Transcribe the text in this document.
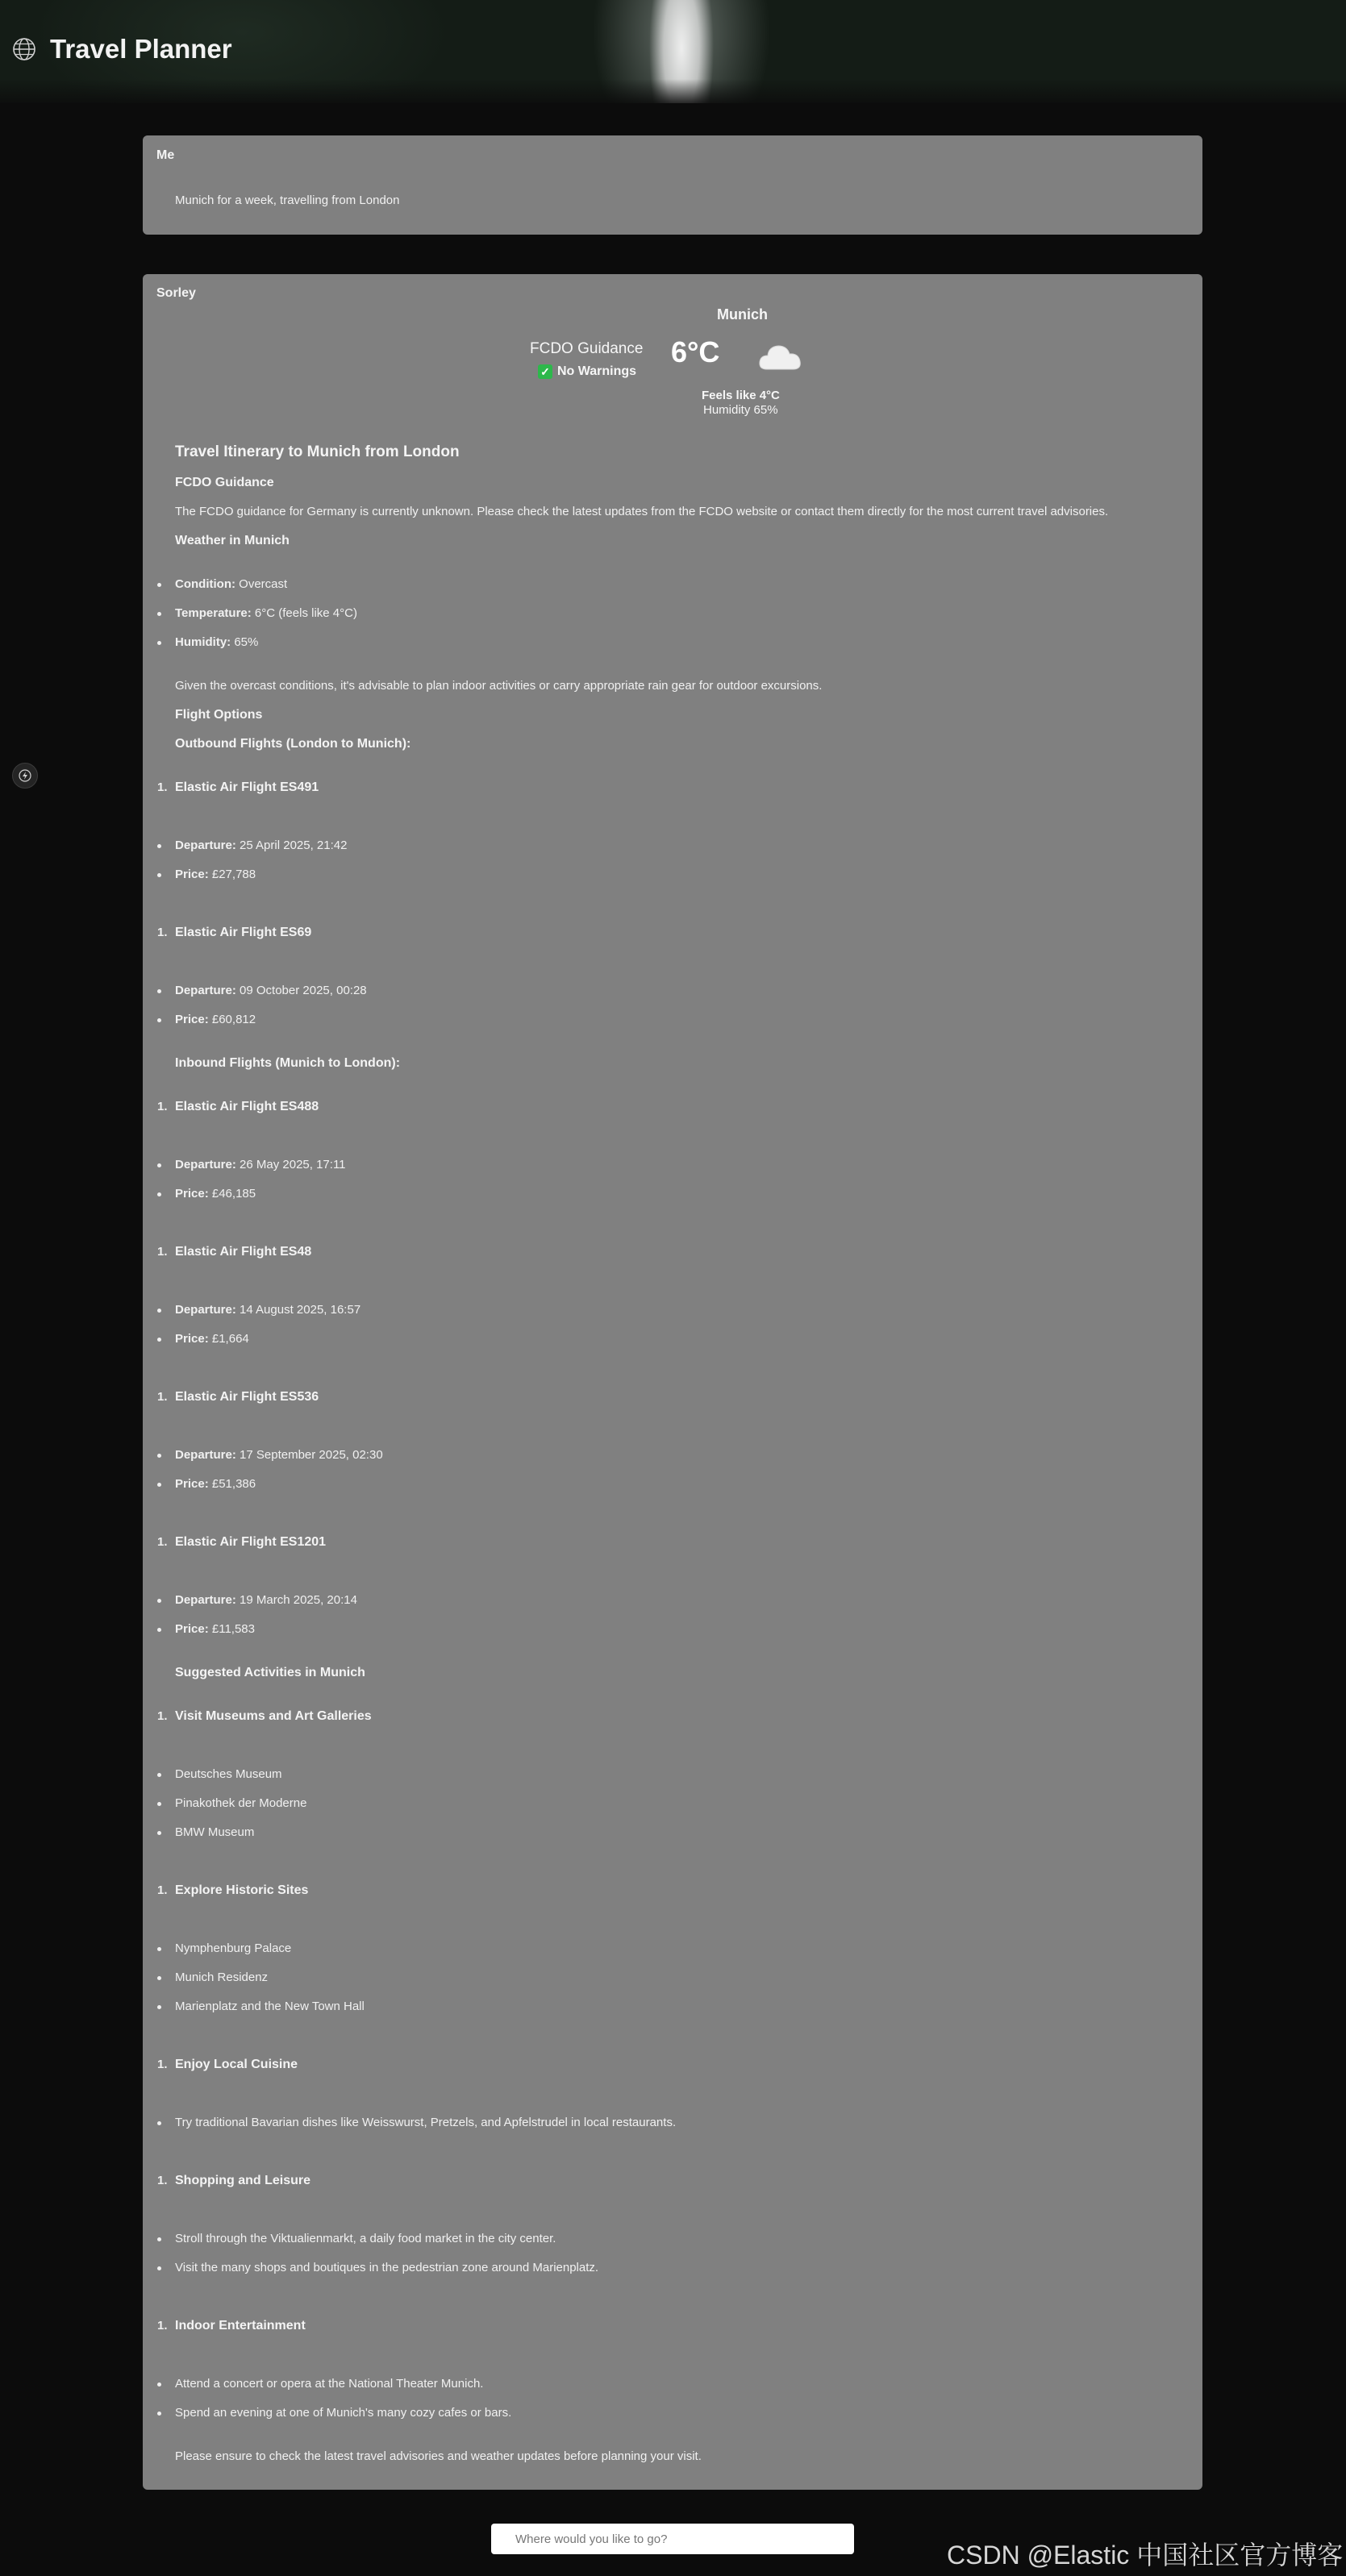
Travel Planner
Me
Munich for a week, travelling from London
Sorley
FCDO Guidance
✓ No Warnings
Munich
6°C
Feels like 4°C
Humidity 65%
Travel Itinerary to Munich from London
FCDO Guidance
The FCDO guidance for Germany is currently unknown. Please check the latest updates from the FCDO website or contact them directly for the most current travel advisories.
Weather in Munich
Condition: Overcast
Temperature: 6°C (feels like 4°C)
Humidity: 65%
Given the overcast conditions, it's advisable to plan indoor activities or carry appropriate rain gear for outdoor excursions.
Flight Options
Outbound Flights (London to Munich):
1. Elastic Air Flight ES491
Departure: 25 April 2025, 21:42
Price: £27,788
1. Elastic Air Flight ES69
Departure: 09 October 2025, 00:28
Price: £60,812
Inbound Flights (Munich to London):
1. Elastic Air Flight ES488
Departure: 26 May 2025, 17:11
Price: £46,185
1. Elastic Air Flight ES48
Departure: 14 August 2025, 16:57
Price: £1,664
1. Elastic Air Flight ES536
Departure: 17 September 2025, 02:30
Price: £51,386
1. Elastic Air Flight ES1201
Departure: 19 March 2025, 20:14
Price: £11,583
Suggested Activities in Munich
1. Visit Museums and Art Galleries
Deutsches Museum
Pinakothek der Moderne
BMW Museum
1. Explore Historic Sites
Nymphenburg Palace
Munich Residenz
Marienplatz and the New Town Hall
1. Enjoy Local Cuisine
Try traditional Bavarian dishes like Weisswurst, Pretzels, and Apfelstrudel in local restaurants.
1. Shopping and Leisure
Stroll through the Viktualienmarkt, a daily food market in the city center.
Visit the many shops and boutiques in the pedestrian zone around Marienplatz.
1. Indoor Entertainment
Attend a concert or opera at the National Theater Munich.
Spend an evening at one of Munich's many cozy cafes or bars.
Please ensure to check the latest travel advisories and weather updates before planning your visit.
Where would you like to go?
CSDN @Elastic 中国社区官方博客
